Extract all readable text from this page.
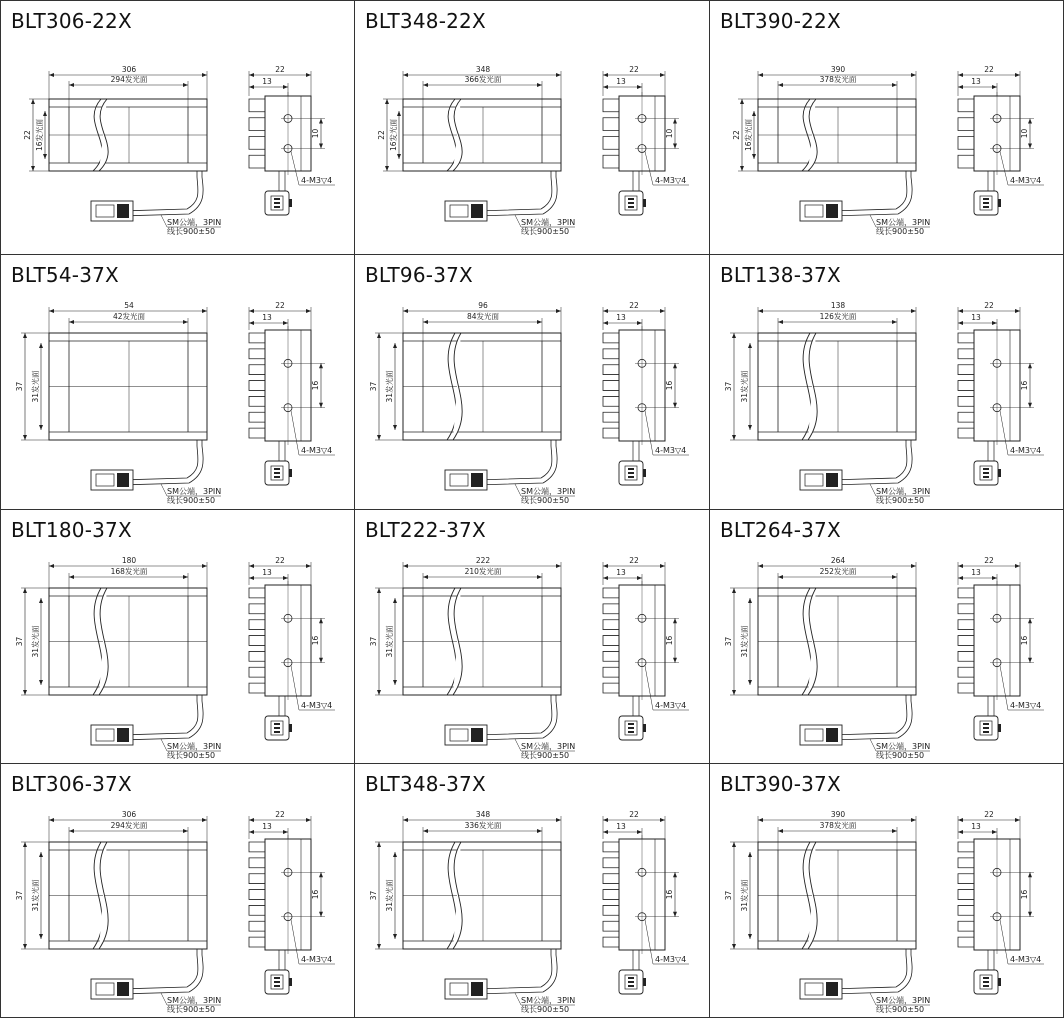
BLT306-22X
306
294发光面
22 16发光面
SM公端，3PIN
线长900±50
10
22
13
4-M3▽4
BLT348-22X
348
366发光面
22 16发光面
SM公端，3PIN
线长900±50
10
22
13
4-M3▽4
BLT390-22X
390
378发光面
22 16发光面
SM公端，3PIN
线长900±50
10
22
13
4-M3▽4
BLT54-37X
54
42发光面
37 31发光面
SM公端，3PIN
线长900±50
16
22
13
4-M3▽4
BLT96-37X
96
84发光面
37 31发光面
SM公端，3PIN
线长900±50
16
22
13
4-M3▽4
BLT138-37X
138
126发光面
37 31发光面
SM公端，3PIN
线长900±50
16
22
13
4-M3▽4
BLT180-37X
180
168发光面
37 31发光面
SM公端，3PIN
线长900±50
16
22
13
4-M3▽4
BLT222-37X
222
210发光面
37 31发光面
SM公端，3PIN
线长900±50
16
22
13
4-M3▽4
BLT264-37X
264
252发光面
37 31发光面
SM公端，3PIN
线长900±50
16
22
13
4-M3▽4
BLT306-37X
306
294发光面
37 31发光面
SM公端，3PIN
线长900±50
16
22
13
4-M3▽4
BLT348-37X
348
336发光面
37 31发光面
SM公端，3PIN
线长900±50
16
22
13
4-M3▽4
BLT390-37X
390
378发光面
37 31发光面
SM公端，3PIN
线长900±50
16
22
13
4-M3▽4
